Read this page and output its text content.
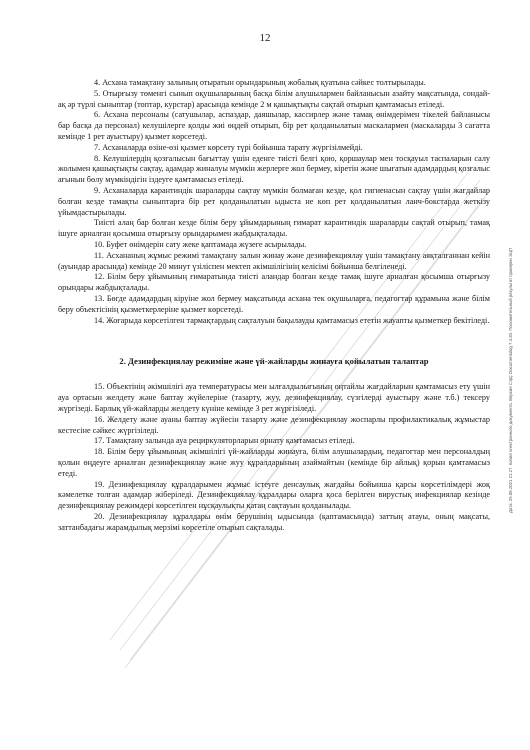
12

4. Асхана тамақтану залының отыратын орындарының жобалық қуатына сәйкес толтырылады.

5. Отырғызу төменгі сынып оқушыларының басқа білім алушылармен байланысын азайту мақсатында, сондай-ақ әр түрлі сыныптар (топтар, курстар) арасында кемінде 2 м қашықтықты сақтай отырып қамтамасыз етіледі.

6. Асхана персоналы (сатушылар, аспаздар, даяшылар, кассирлер және тамақ өнімдерімен тікелей байланысы бар басқа да персонал) келушілерге қолды жиі өңдей отырып, бір рет қолданылатын маскалармен (маскаларды 3 сағатта кемінде 1 рет ауыстыру) қызмет көрсетеді.

7. Асханаларда өзіне-өзі қызмет көрсету түрі бойынша тарату жүргізілмейді.

8. Келушілердің қозғалысын бағыттау үшін еденге тиісті белгі қою, қоршаулар мен тосқауыл таспаларын салу жолымен қашықтықты сақтау, адамдар жиналуы мүмкін жерлерге жол бермеу, кіретін және шығатын адамдардың қозғалыс ағынын бөлу мүмкіндігін іздеуге қамтамасыз етіледі.

9. Асханаларда карантиндік шараларды сақтау мүмкін болмаған кезде, қол гигиенасын сақтау үшін жағдайлар болған кезде тамақты сыныптарға бір рет қолданылатын ыдыста не көп рет қолданылатын ланч-бокстарда жеткізу үйымдастырылады.

Тиісті алаң бар болған кезде білім беру ұйымдарының ғимарат карантиндік шараларды сақтай отырып, тамақ ішуге арналған қосымша отырғызу орындарымен жабдықталады.

10. Буфет өнімдерін сату жеке қаптамада жүзеге асырылады.

11. Асхананың жұмыс режимі тамақтану залын жинау және дезинфекциялау үшін тамақтану аяқталғаннан кейін (ауындар арасында) кемінде 20 минут үзіліспен мектеп әкімшілігінің келісімі бойынша белгіленеді.

12. Білім беру ұйымының ғимаратында тиісті аландар болған кезде тамақ ішуге арналған қосымша отырғызу орындары жабдықталады.

13. Бөгде адамдардың кіруіне жол бермеу мақсатында асхана тек оқушыларға, педагогтар құрамына және білім беру объектісінің қызметкерлеріне қызмет көрсетеді.

14. Жоғарыда көрсетілген тармақтардың сақталуын бақылауды қамтамасыз ететін жауапты қызметкер бекітіледі.

2. Дезинфекциялау режиміне және үй-жайларды жинауға қойылатын талаптар

15. Объектінің әкімшілігі ауа температурасы мен ылғалдылығының оңтайлы жағдайларын қамтамасыз ету үшін ауа ортасын желдету және баптау жүйелеріне (тазарту, жуу, дезинфекциялау, сүзгілерді ауыстыру және т.б.) тексеру жүргізеді. Барлық үй-жайларды желдету күніне кемінде 3 рет жүргізіледі.

16. Желдету және ауаны баптау жүйесін тазарту және дезинфекциялау жоспарлы профилактикалық жұмыстар кестесіне сәйкес жүргізіледі.

17. Тамақтану залында ауа рециркуляторларын орнату қамтамасыз етіледі.

18. Білім беру ұйымының әкімшілігі үй-жайларды жинауға, білім алушылардың, педагогтар мен персоналдың қолын өңдеуге арналған дезинфекциялау және жуу құралдарының азаймайтын (кемінде бір айлық) қорын қамтамасыз етеді.

19. Дезинфекциялау құралдарымен жұмыс істеуге денсаулық жағдайы бойынша қарсы көрсетілімдері жоқ кәмелетке толған адамдар жіберіледі. Дезинфекциялау құралдары оларға қоса берілген вирустық инфекциялар кезінде дезинфекциялау режимдері көрсетілген нұсқаулықты қатаң сақтауын қолданылады.

20. Дезинфекциялау құралдары өнім берушінің ыдысында (қаптамасында) заттың атауы, оның мақсаты, заттанбадағы жарамдылық мерзімі көрсетіле отырып сақталады.

Дата: 25.08.2021 21:27. Копия электронного документа. Версия СЭД: Documentolog 7.4.20. Положительный результат проверки ЭЦП
